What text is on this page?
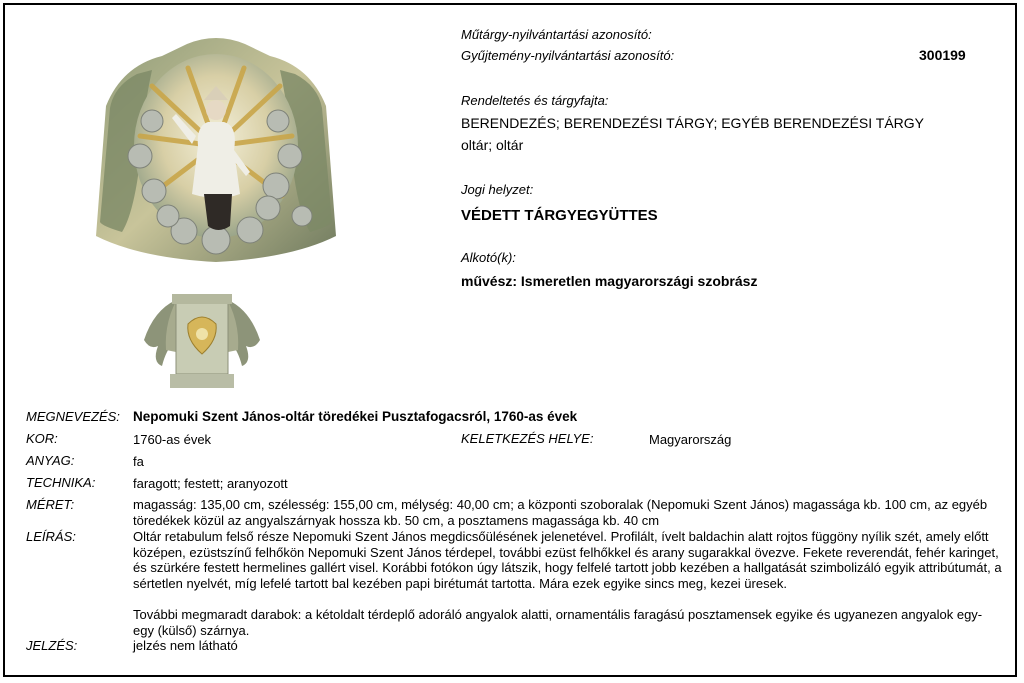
Műtárgy-nyilvántartási azonosító:
Gyűjtemény-nyilvántartási azonosító:	300199
Rendeltetés és tárgyfajta:
BERENDEZÉS; BERENDEZÉSI TÁRGY; EGYÉB BERENDEZÉSI TÁRGY
oltár; oltár
Jogi helyzet:
VÉDETT TÁRGYEGYÜTTES
Alkotó(k):
művész: Ismeretlen magyarországi szobrász
MEGNEVEZÉS: Nepomuki Szent János-oltár töredékei Pusztafogacsról, 1760-as évek
KOR:	1760-as évek	KELETKEZÉS HELYE:	Magyarország
ANYAG:	fa
TECHNIKA:	faragott; festett; aranyozott
MÉRET:	magasság: 135,00 cm, szélesség: 155,00 cm, mélység: 40,00 cm; a központi szoboralak (Nepomuki Szent János) magassága kb. 100 cm, az egyéb töredékek közül az angyalszárnyak hossza kb. 50 cm, a posztamens magassága kb. 40 cm
LEÍRÁS:	Oltár retabulum felső része Nepomuki Szent János megdicsőülésének jelenetével. Profilált, ívelt baldachin alatt rojtos függöny nyílik szét, amely előtt középen, ezüstszínű felhőkön Nepomuki Szent János térdepel, további ezüst felhőkkel és arany sugarakkal övezve. Fekete reverendát, fehér karinget, és szürkére festett hermelines gallért visel. Korábbi fotókon úgy látszik, hogy felfelé tartott jobb kezében a hallgatását szimbolizáló egyik attribútumát, a sértetlen nyelvét, míg lefelé tartott bal kezében papi birétumát tartotta. Mára ezek egyike sincs meg, kezei üresek.
További megmaradt darabok: a kétoldalt térdeplő adoráló angyalok alatti, ornamentális faragású posztamensek egyike és ugyanezen angyalok egy-egy (külső) szárnya.
JELZÉS:	jelzés nem látható
